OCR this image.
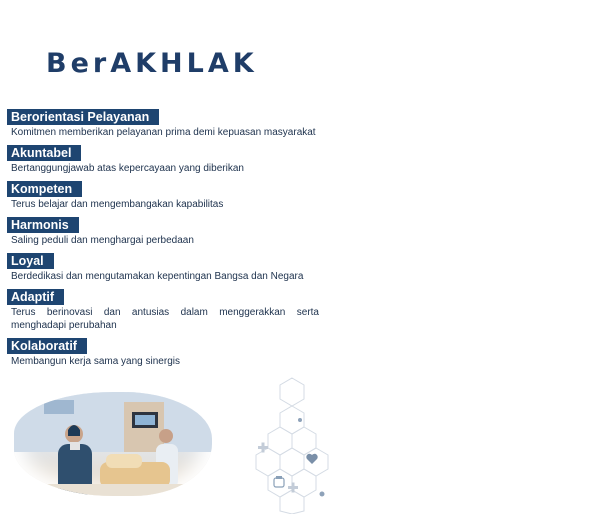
BerAKHLAK
Berorientasi Pelayanan
Komitmen memberikan pelayanan prima demi kepuasan masyarakat
Akuntabel
Bertanggungjawab atas kepercayaan yang diberikan
Kompeten
Terus belajar dan mengembangakan kapabilitas
Harmonis
Saling peduli dan menghargai perbedaan
Loyal
Berdedikasi dan mengutamakan kepentingan Bangsa dan Negara
Adaptif
Terus berinovasi dan antusias dalam menggerakkan serta menghadapi perubahan
Kolaboratif
Membangun kerja sama yang sinergis
